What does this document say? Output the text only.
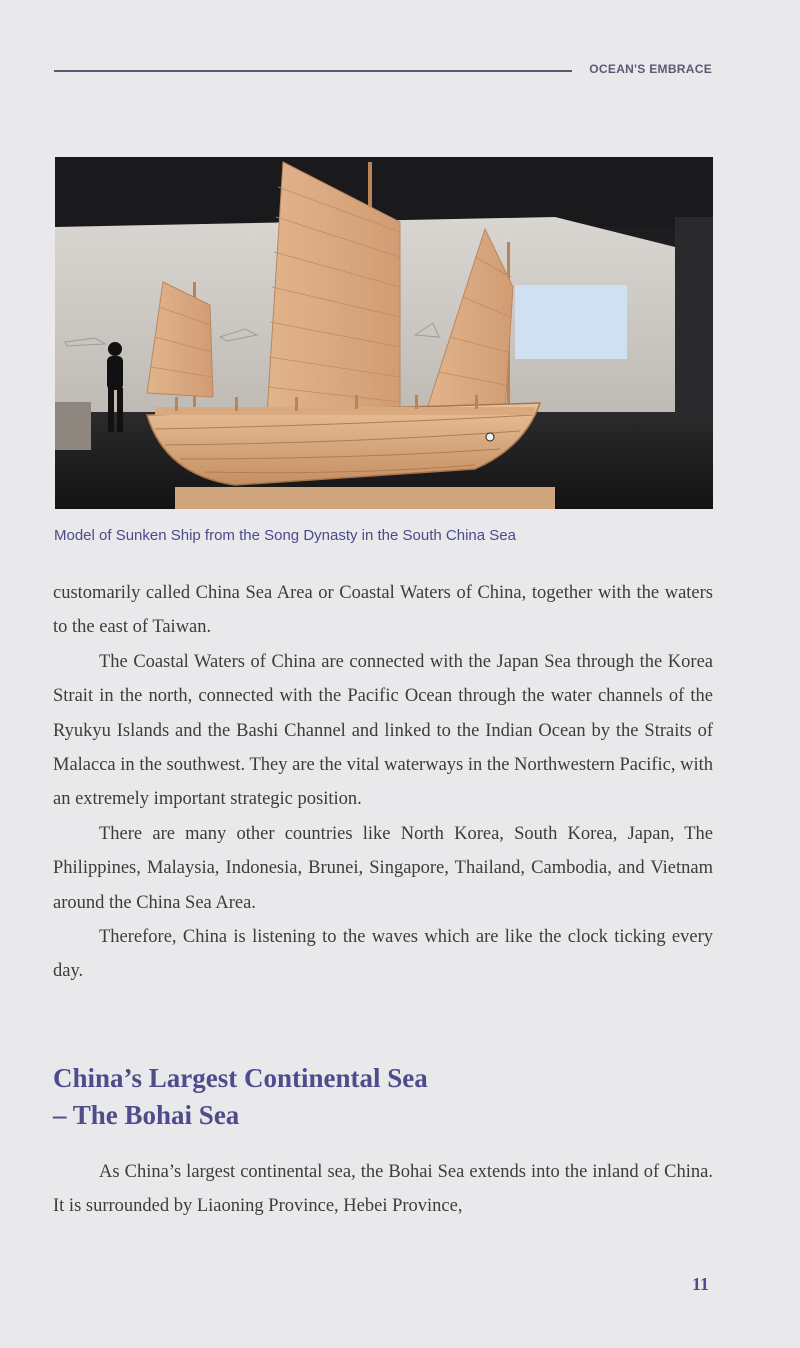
OCEAN'S EMBRACE
Model of Sunken Ship from the Song Dynasty in the South China Sea

customarily called China Sea Area or Coastal Waters of China, together with the waters to the east of Taiwan.

The Coastal Waters of China are connected with the Japan Sea through the Korea Strait in the north, connected with the Pacific Ocean through the water channels of the Ryukyu Islands and the Bashi Channel and linked to the Indian Ocean by the Straits of Malacca in the southwest. They are the vital waterways in the Northwestern Pacific, with an extremely important strategic position.

There are many other countries like North Korea, South Korea, Japan, The Philippines, Malaysia, Indonesia, Brunei, Singapore, Thailand, Cambodia, and Vietnam around the China Sea Area.

Therefore, China is listening to the waves which are like the clock ticking every day.

China’s Largest Continental Sea
– The Bohai Sea

As China’s largest continental sea, the Bohai Sea extends into the inland of China. It is surrounded by Liaoning Province, Hebei Province,

11
